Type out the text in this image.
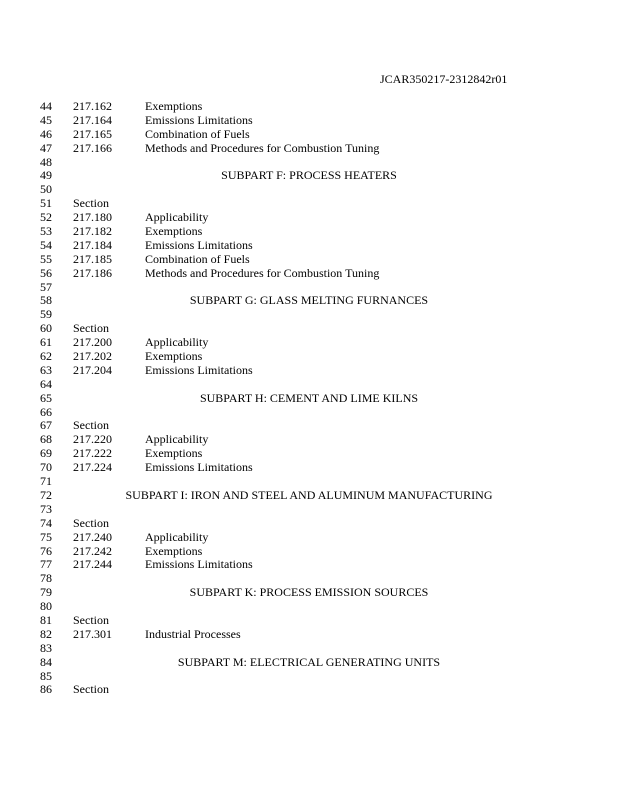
JCAR350217-2312842r01
44	217.162	Exemptions
45	217.164	Emissions Limitations
46	217.165	Combination of Fuels
47	217.166	Methods and Procedures for Combustion Tuning
48
49	SUBPART F: PROCESS HEATERS
50
51	Section
52	217.180	Applicability
53	217.182	Exemptions
54	217.184	Emissions Limitations
55	217.185	Combination of Fuels
56	217.186	Methods and Procedures for Combustion Tuning
57
58	SUBPART G: GLASS MELTING FURNANCES
59
60	Section
61	217.200	Applicability
62	217.202	Exemptions
63	217.204	Emissions Limitations
64
65	SUBPART H: CEMENT AND LIME KILNS
66
67	Section
68	217.220	Applicability
69	217.222	Exemptions
70	217.224	Emissions Limitations
71
72	SUBPART I: IRON AND STEEL AND ALUMINUM MANUFACTURING
73
74	Section
75	217.240	Applicability
76	217.242	Exemptions
77	217.244	Emissions Limitations
78
79	SUBPART K: PROCESS EMISSION SOURCES
80
81	Section
82	217.301	Industrial Processes
83
84	SUBPART M: ELECTRICAL GENERATING UNITS
85
86	Section
